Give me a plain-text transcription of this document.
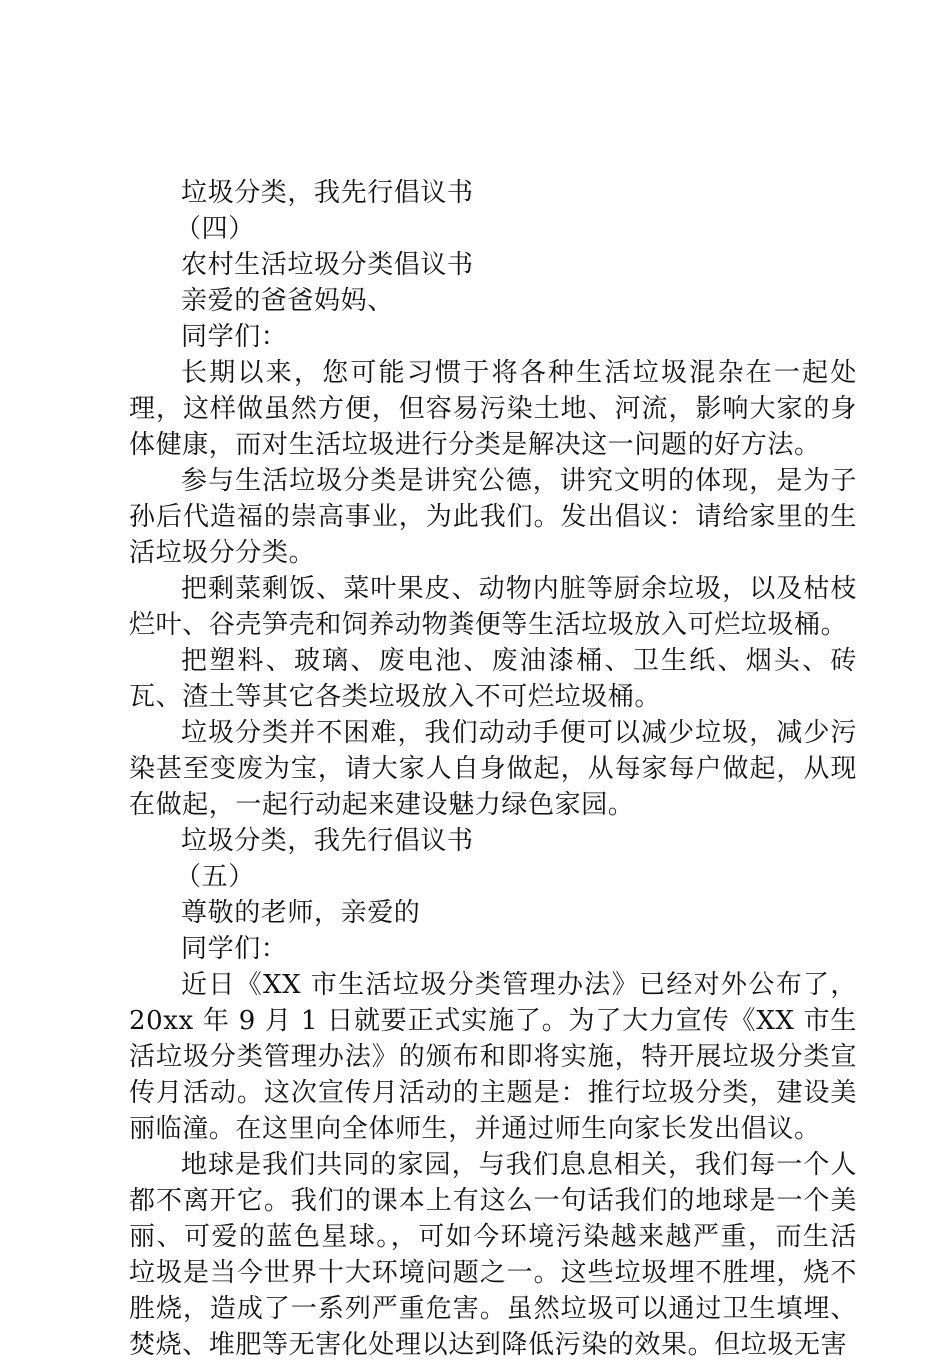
垃圾分类，我先行倡议书
（四）
农村生活垃圾分类倡议书
亲爱的爸爸妈妈、
同学们：

长期以来，您可能习惯于将各种生活垃圾混杂在一起处理，这样做虽然方便，但容易污染土地、河流，影响大家的身体健康，而对生活垃圾进行分类是解决这一问题的好方法。

参与生活垃圾分类是讲究公德，讲究文明的体现，是为子孙后代造福的崇高事业，为此我们。发出倡议：请给家里的生活垃圾分分类。

把剩菜剩饭、菜叶果皮、动物内脏等厨余垃圾，以及枯枝烂叶、谷壳笋壳和饲养动物粪便等生活垃圾放入可烂垃圾桶。

把塑料、玻璃、废电池、废油漆桶、卫生纸、烟头、砖瓦、渣土等其它各类垃圾放入不可烂垃圾桶。

垃圾分类并不困难，我们动动手便可以减少垃圾，减少污染甚至变废为宝，请大家人自身做起，从每家每户做起，从现在做起，一起行动起来建设魅力绿色家园。

垃圾分类，我先行倡议书
（五）
尊敬的老师，亲爱的
同学们：

近日《XX 市生活垃圾分类管理办法》已经对外公布了，20xx 年 9 月 1 日就要正式实施了。为了大力宣传《XX 市生活垃圾分类管理办法》的颁布和即将实施，特开展垃圾分类宣传月活动。这次宣传月活动的主题是：推行垃圾分类，建设美丽临潼。在这里向全体师生，并通过师生向家长发出倡议。

地球是我们共同的家园，与我们息息相关，我们每一个人都不离开它。我们的课本上有这么一句话我们的地球是一个美丽、可爱的蓝色星球。，可如今环境污染越来越严重，而生活垃圾是当今世界十大环境问题之一。这些垃圾埋不胜埋，烧不胜烧，造成了一系列严重危害。虽然垃圾可以通过卫生填埋、焚烧、堆肥等无害化处理以达到降低污染的效果。但垃圾无害
